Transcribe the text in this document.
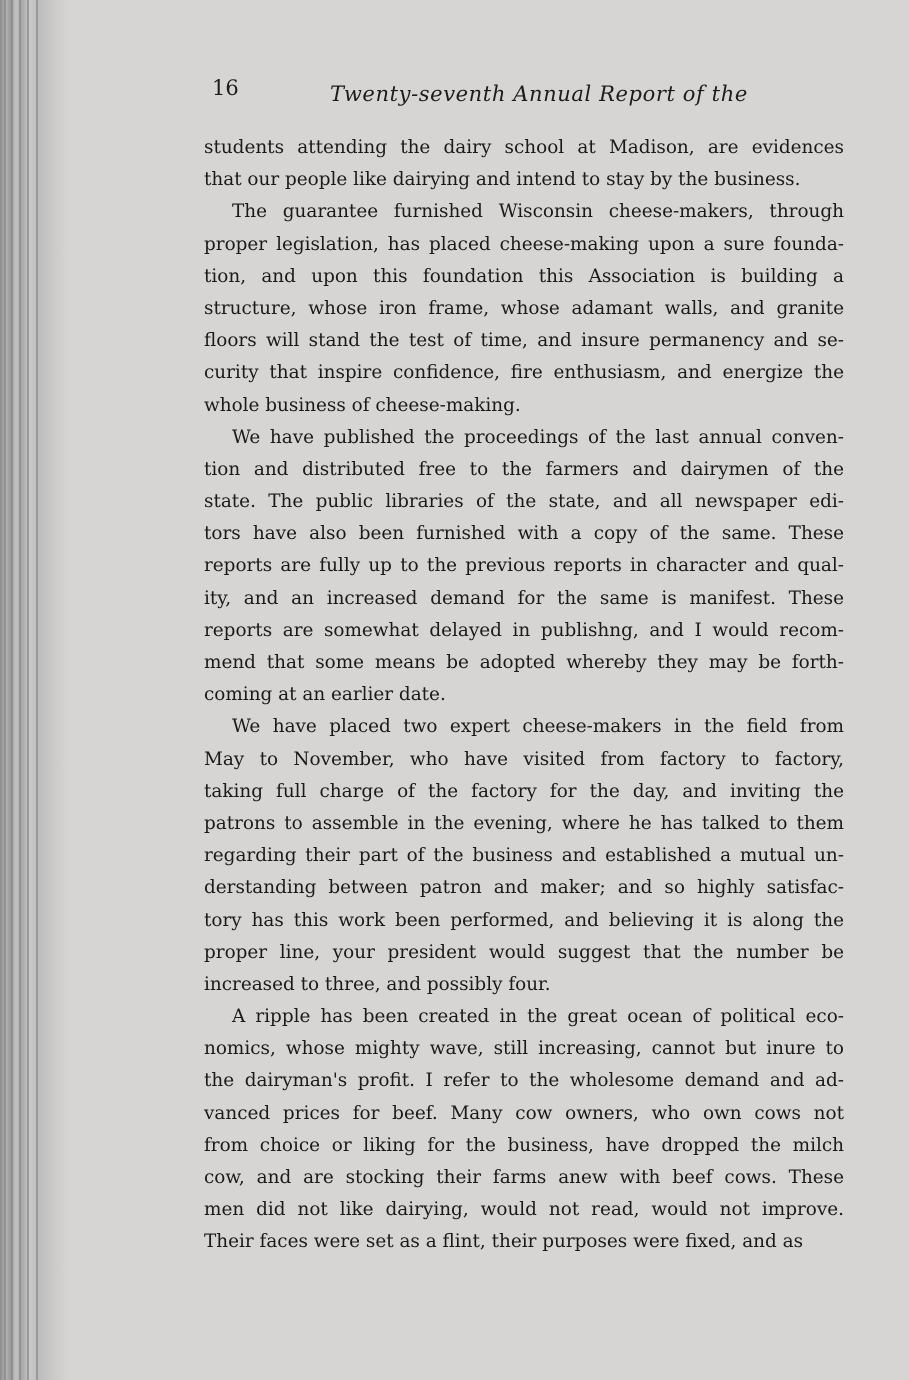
16	Twenty-seventh Annual Report of the
students attending the dairy school at Madison, are evidences
that our people like dairying and intend to stay by the business.
The guarantee furnished Wisconsin cheese-makers, through
proper legislation, has placed cheese-making upon a sure founda-
tion, and upon this foundation this Association is building a
structure, whose iron frame, whose adamant walls, and granite
floors will stand the test of time, and insure permanency and se-
curity that inspire confidence, fire enthusiasm, and energize the
whole business of cheese-making.
We have published the proceedings of the last annual conven-
tion and distributed free to the farmers and dairymen of the
state. The public libraries of the state, and all newspaper edi-
tors have also been furnished with a copy of the same. These
reports are fully up to the previous reports in character and qual-
ity, and an increased demand for the same is manifest. These
reports are somewhat delayed in publishng, and I would recom-
mend that some means be adopted whereby they may be forth-
coming at an earlier date.
We have placed two expert cheese-makers in the field from
May to November, who have visited from factory to factory,
taking full charge of the factory for the day, and inviting the
patrons to assemble in the evening, where he has talked to them
regarding their part of the business and established a mutual un-
derstanding between patron and maker; and so highly satisfac-
tory has this work been performed, and believing it is along the
proper line, your president would suggest that the number be
increased to three, and possibly four.
A ripple has been created in the great ocean of political eco-
nomics, whose mighty wave, still increasing, cannot but inure to
the dairyman's profit. I refer to the wholesome demand and ad-
vanced prices for beef. Many cow owners, who own cows not
from choice or liking for the business, have dropped the milch
cow, and are stocking their farms anew with beef cows. These
men did not like dairying, would not read, would not improve.
Their faces were set as a flint, their purposes were fixed, and as
